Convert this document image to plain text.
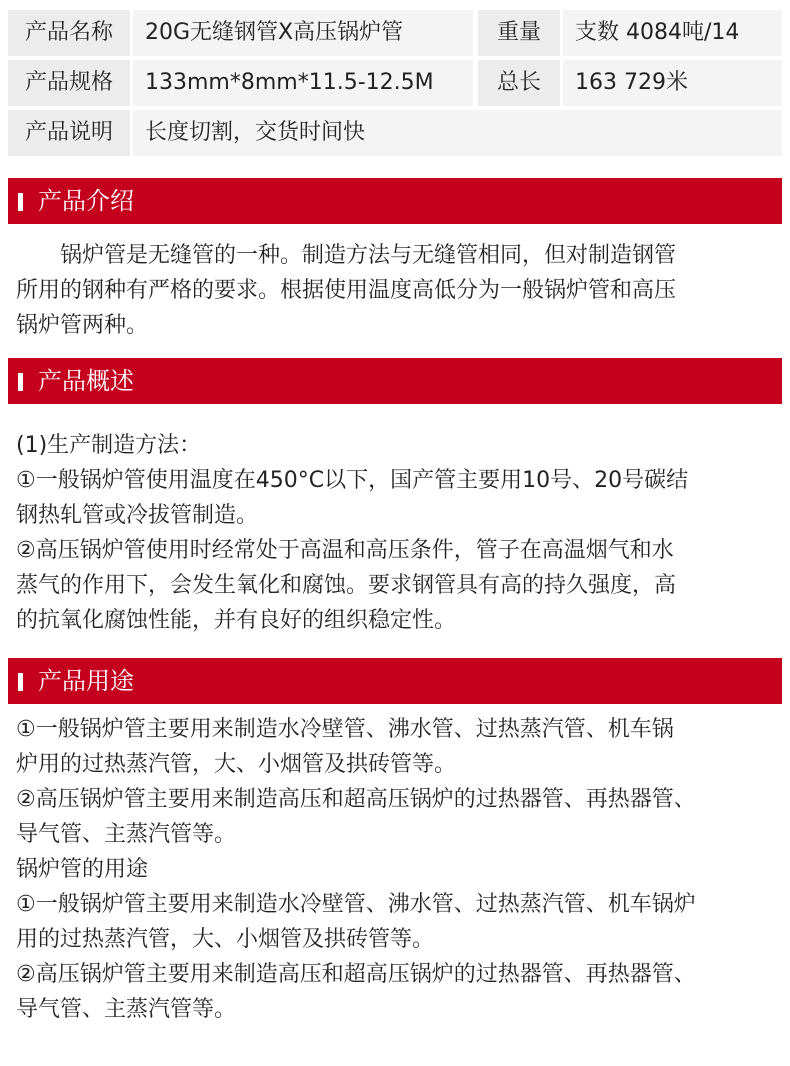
产品名称	20G无缝钢管X高压锅炉管	重量	支数 4084吨/14
产品规格	133mm*8mm*11.5-12.5M	总长	163 729米
产品说明	长度切割，交货时间快
产品介绍
　　锅炉管是无缝管的一种。制造方法与无缝管相同，但对制造钢管
所用的钢种有严格的要求。根据使用温度高低分为一般锅炉管和高压
锅炉管两种。
产品概述
(1)生产制造方法：
①一般锅炉管使用温度在450°C以下，国产管主要用10号、20号碳结
钢热轧管或冷拔管制造。
②高压锅炉管使用时经常处于高温和高压条件，管子在高温烟气和水
蒸气的作用下，会发生氧化和腐蚀。要求钢管具有高的持久强度，高
的抗氧化腐蚀性能，并有良好的组织稳定性。
产品用途
①一般锅炉管主要用来制造水冷壁管、沸水管、过热蒸汽管、机车锅
炉用的过热蒸汽管，大、小烟管及拱砖管等。
②高压锅炉管主要用来制造高压和超高压锅炉的过热器管、再热器管、
导气管、主蒸汽管等。
锅炉管的用途
①一般锅炉管主要用来制造水冷壁管、沸水管、过热蒸汽管、机车锅炉
用的过热蒸汽管，大、小烟管及拱砖管等。
②高压锅炉管主要用来制造高压和超高压锅炉的过热器管、再热器管、
导气管、主蒸汽管等。
